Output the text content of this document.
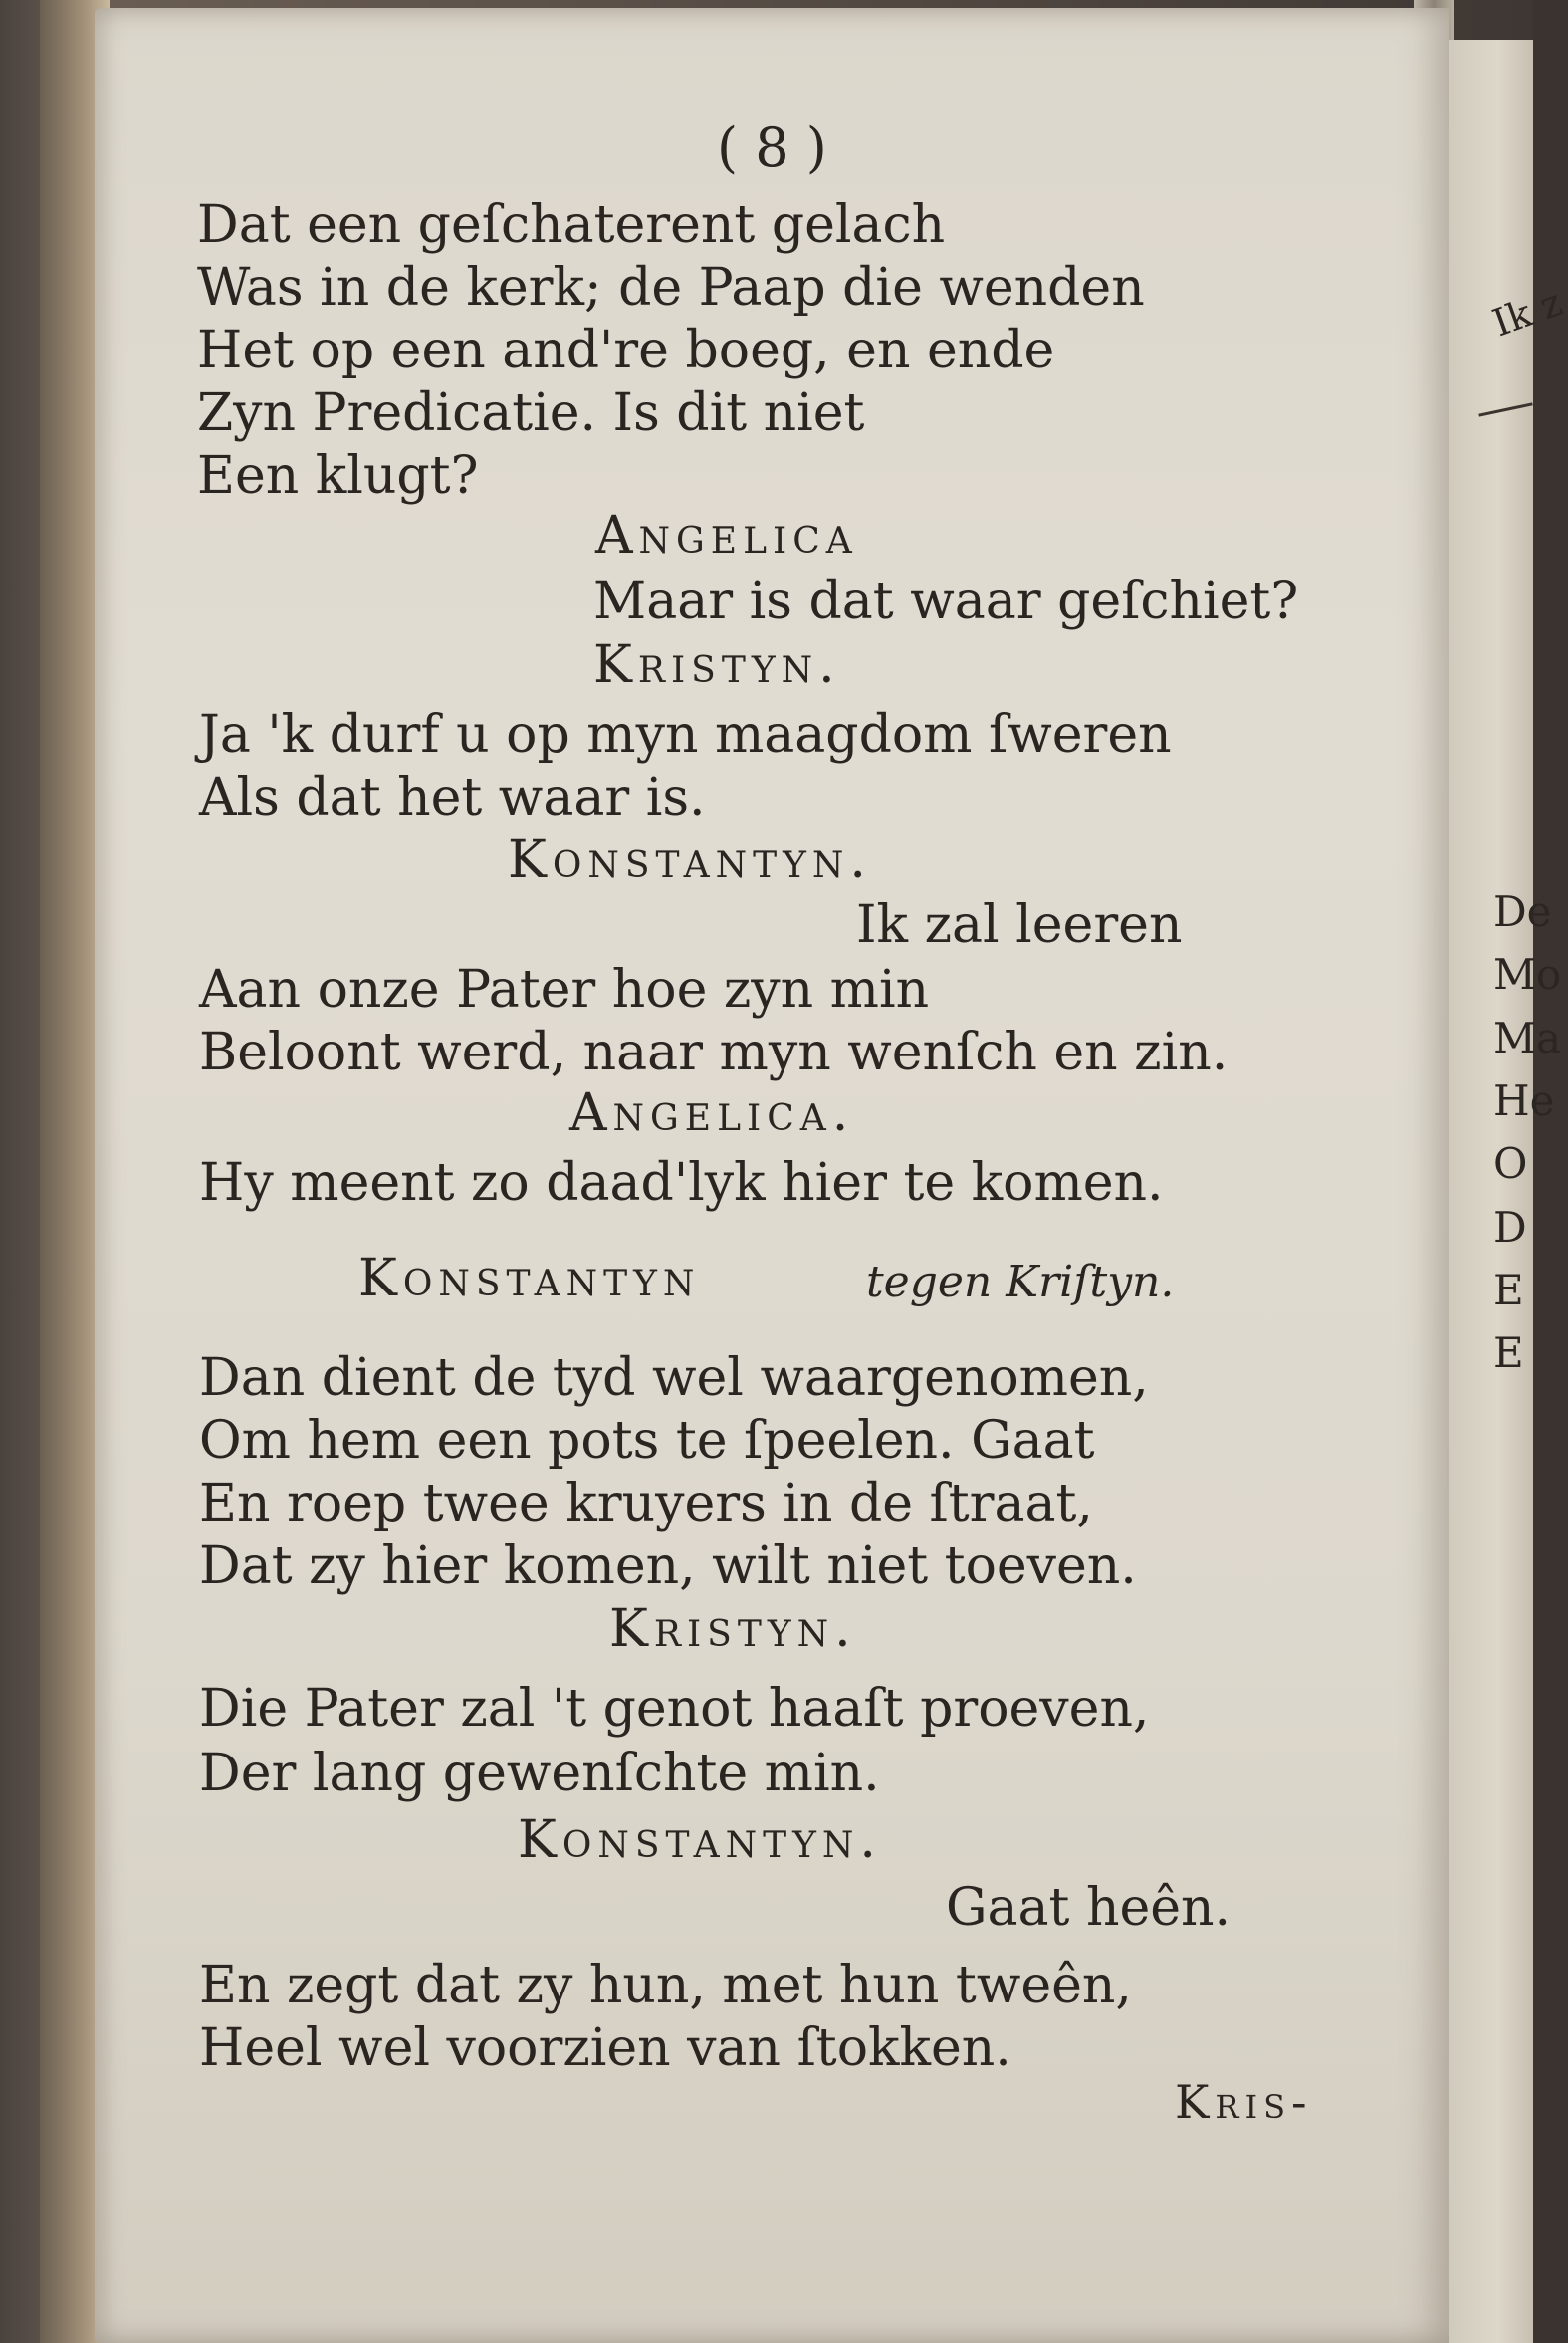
Ik z
De
Mo
Ma
He
O
D
E
E
( 8 )
Dat een geſchaterent gelach
Was in de kerk; de Paap die wenden
Het op een and're boeg, en ende
Zyn Predicatie. Is dit niet
Een klugt?
Angelica
Maar is dat waar geſchiet?
Kristyn.
Ja 'k durf u op myn maagdom ſweren
Als dat het waar is.
Konstantyn.
Ik zal leeren
Aan onze Pater hoe zyn min
Beloont werd, naar myn wenſch en zin.
Angelica.
Hy meent zo daad'lyk hier te komen.
Konstantyn	tegen Kriſtyn.
Dan dient de tyd wel waargenomen,
Om hem een pots te ſpeelen. Gaat
En roep twee kruyers in de ſtraat,
Dat zy hier komen, wilt niet toeven.
Kristyn.
Die Pater zal 't genot haaſt proeven,
Der lang gewenſchte min.
Konstantyn.
Gaat heên.
En zegt dat zy hun, met hun tweên,
Heel wel voorzien van ſtokken.
Kris-
